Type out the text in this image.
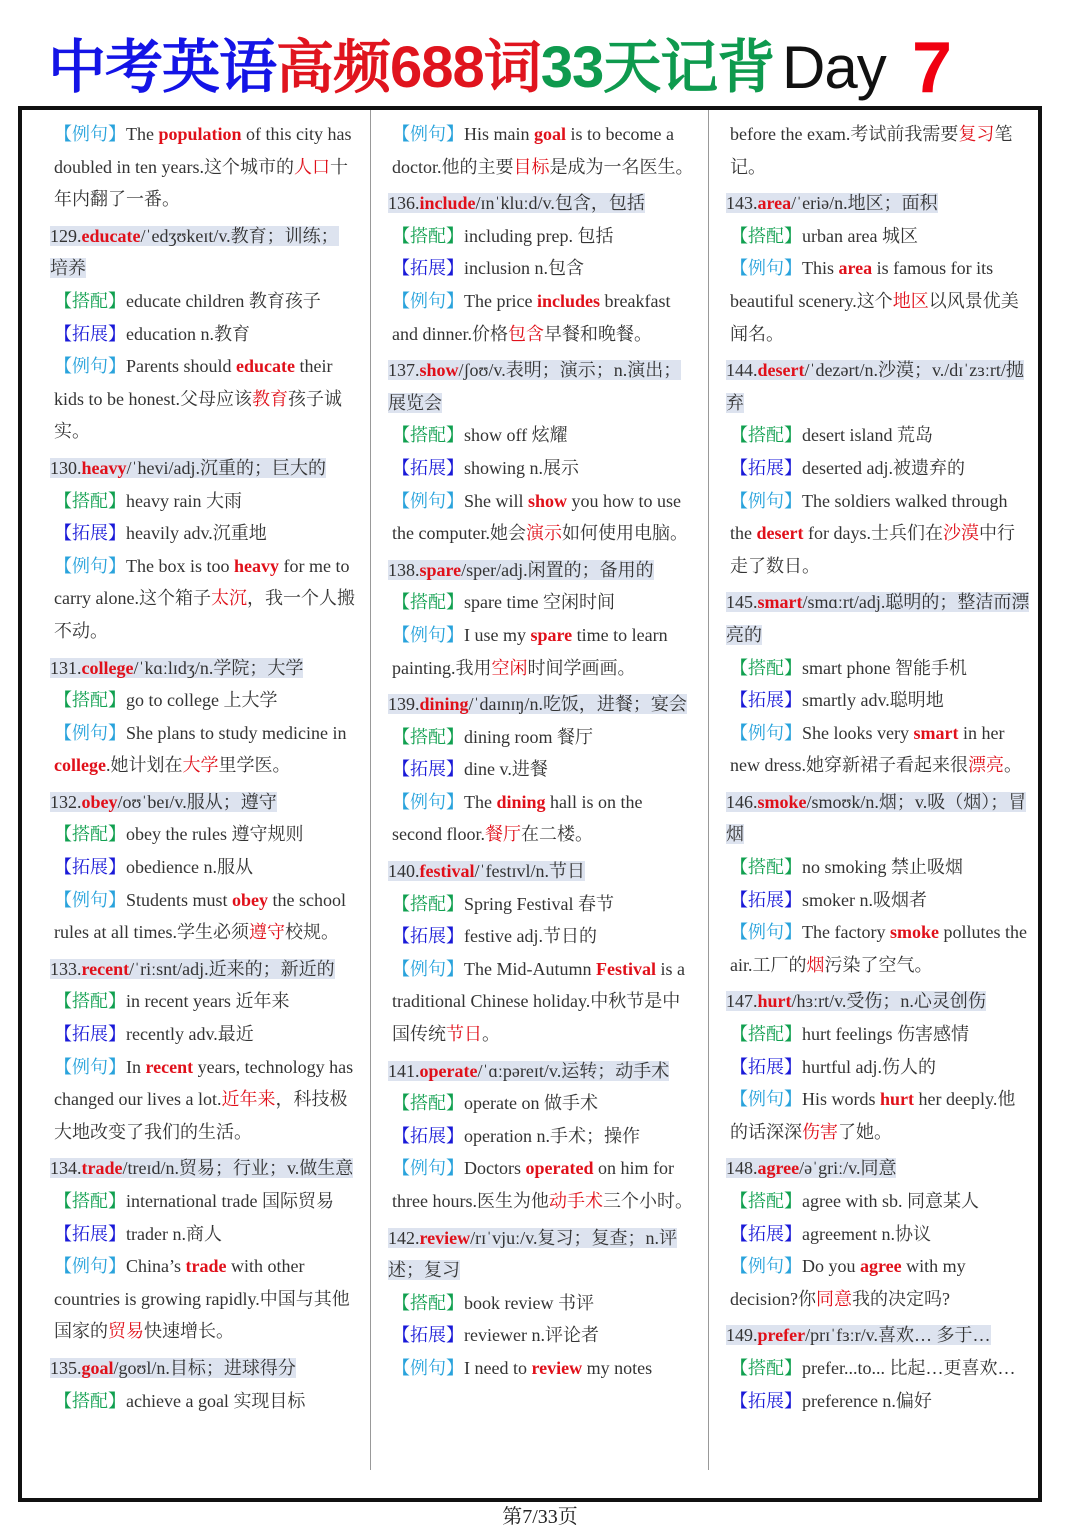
中考英语高频688词33天记背 Day 7
【例句】The population of this city has doubled in ten years.这个城市的人口十年内翻了一番。
129.educate/ˈedʒʊkeɪt/v.教育；训练；培养
【搭配】educate children 教育孩子
【拓展】education n.教育
【例句】Parents should educate their kids to be honest.父母应该教育孩子诚实。
130.heavy/ˈhevi/adj.沉重的；巨大的
【搭配】heavy rain 大雨
【拓展】heavily adv.沉重地
【例句】The box is too heavy for me to carry alone.这个箱子太沉，我一个人搬不动。
131.college/ˈkɑːlɪdʒ/n.学院；大学
【搭配】go to college 上大学
【例句】She plans to study medicine in college.她计划在大学里学医。
132.obey/oʊˈbeɪ/v.服从；遵守
【搭配】obey the rules 遵守规则
【拓展】obedience n.服从
【例句】Students must obey the school rules at all times.学生必须遵守校规。
133.recent/ˈriːsnt/adj.近来的；新近的
【搭配】in recent years 近年来
【拓展】recently adv.最近
【例句】In recent years, technology has changed our lives a lot.近年来，科技极大地改变了我们的生活。
134.trade/treɪd/n.贸易；行业；v.做生意
【搭配】international trade 国际贸易
【拓展】trader n.商人
【例句】China’s trade with other countries is growing rapidly.中国与其他国家的贸易快速增长。
135.goal/goʊl/n.目标；进球得分
【搭配】achieve a goal 实现目标
【例句】His main goal is to become a doctor.他的主要目标是成为一名医生。
136.include/ɪnˈkluːd/v.包含，包括
【搭配】including prep. 包括
【拓展】inclusion n.包含
【例句】The price includes breakfast and dinner.价格包含早餐和晚餐。
137.show/ʃoʊ/v.表明；演示；n.演出；展览会
【搭配】show off 炫耀
【拓展】showing n.展示
【例句】She will show you how to use the computer.她会演示如何使用电脑。
138.spare/sper/adj.闲置的；备用的
【搭配】spare time 空闲时间
【例句】I use my spare time to learn painting.我用空闲时间学画画。
139.dining/ˈdaɪnɪŋ/n.吃饭，进餐；宴会
【搭配】dining room 餐厅
【拓展】dine v.进餐
【例句】The dining hall is on the second floor.餐厅在二楼。
140.festival/ˈfestɪvl/n.节日
【搭配】Spring Festival 春节
【拓展】festive adj.节日的
【例句】The Mid-Autumn Festival is a traditional Chinese holiday.中秋节是中国传统节日。
141.operate/ˈɑːpəreɪt/v.运转；动手术
【搭配】operate on 做手术
【拓展】operation n.手术；操作
【例句】Doctors operated on him for three hours.医生为他动手术三个小时。
142.review/rɪˈvjuː/v.复习；复查；n.评述；复习
【搭配】book review 书评
【拓展】reviewer n.评论者
【例句】I need to review my notes
before the exam.考试前我需要复习笔记。
143.area/ˈeriə/n.地区；面积
【搭配】urban area 城区
【例句】This area is famous for its beautiful scenery.这个地区以风景优美闻名。
144.desert/ˈdezərt/n.沙漠；v./dɪˈzɜːrt/抛弃
【搭配】desert island 荒岛
【拓展】deserted adj.被遗弃的
【例句】The soldiers walked through the desert for days.士兵们在沙漠中行走了数日。
145.smart/smɑːrt/adj.聪明的；整洁而漂亮的
【搭配】smart phone 智能手机
【拓展】smartly adv.聪明地
【例句】She looks very smart in her new dress.她穿新裙子看起来很漂亮。
146.smoke/smoʊk/n.烟；v.吸（烟）；冒烟
【搭配】no smoking 禁止吸烟
【拓展】smoker n.吸烟者
【例句】The factory smoke pollutes the air.工厂的烟污染了空气。
147.hurt/hɜːrt/v.受伤；n.心灵创伤
【搭配】hurt feelings 伤害感情
【拓展】hurtful adj.伤人的
【例句】His words hurt her deeply.他的话深深伤害了她。
148.agree/əˈgriː/v.同意
【搭配】agree with sb. 同意某人
【拓展】agreement n.协议
【例句】Do you agree with my decision?你同意我的决定吗?
149.prefer/prɪˈfɜːr/v.喜欢… 多于…
【搭配】prefer...to... 比起…更喜欢…
【拓展】preference n.偏好
第7/33页
